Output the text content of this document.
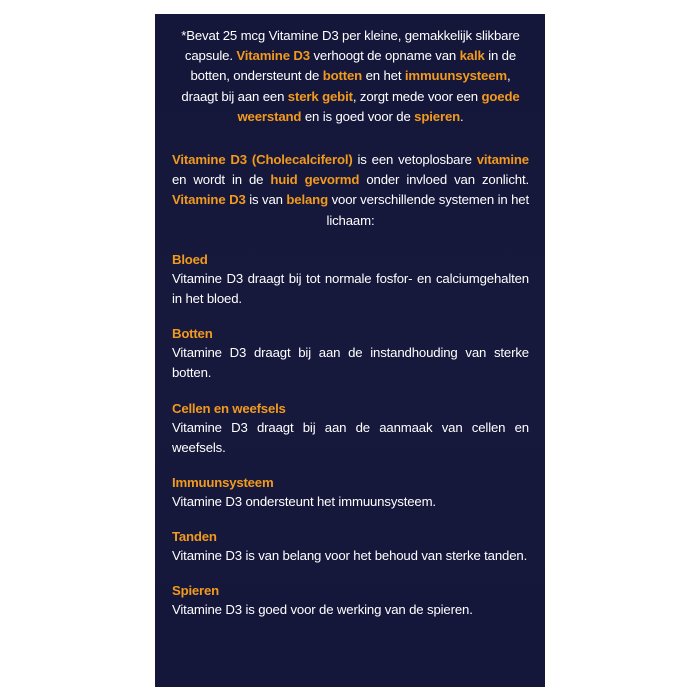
*Bevat 25 mcg Vitamine D3 per kleine, gemakkelijk slikbare capsule. Vitamine D3 verhoogt de opname van kalk in de botten, ondersteunt de botten en het immuunsysteem, draagt bij aan een sterk gebit, zorgt mede voor een goede weerstand en is goed voor de spieren.

Vitamine D3 (Cholecalciferol) is een vetoplosbare vitamine en wordt in de huid gevormd onder invloed van zonlicht. Vitamine D3 is van belang voor verschillende systemen in het lichaam:

Bloed
Vitamine D3 draagt bij tot normale fosfor- en calciumgehalten in het bloed.
Botten
Vitamine D3 draagt bij aan de instandhouding van sterke botten.
Cellen en weefsels
Vitamine D3 draagt bij aan de aanmaak van cellen en weefsels.
Immuunsysteem
Vitamine D3 ondersteunt het immuunsysteem.
Tanden
Vitamine D3 is van belang voor het behoud van sterke tanden.
Spieren
Vitamine D3 is goed voor de werking van de spieren.
